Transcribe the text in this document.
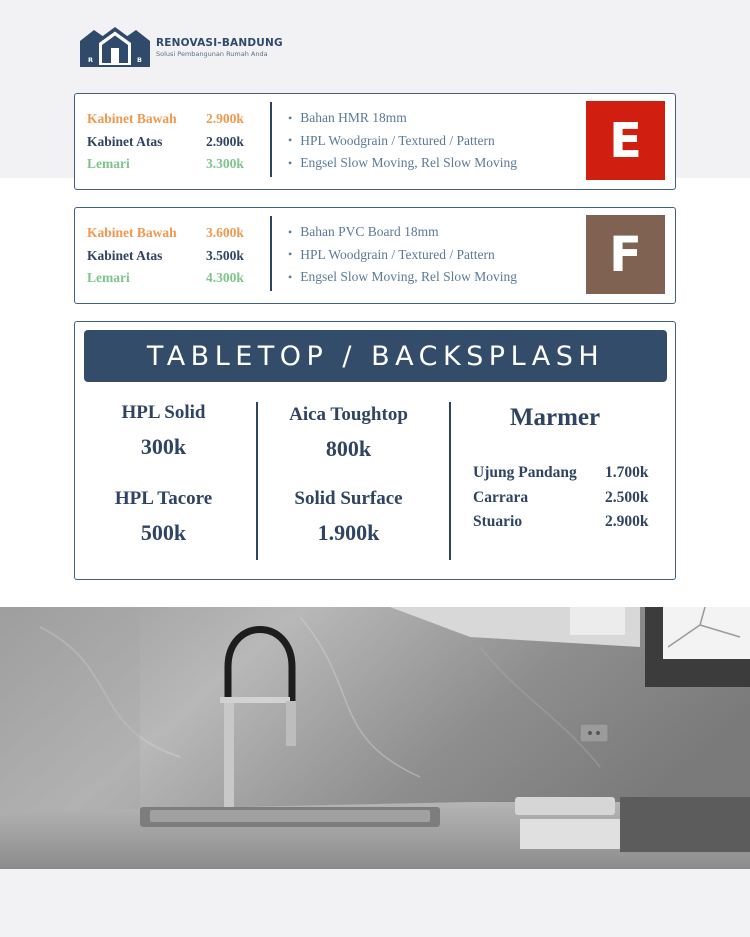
R	B
RENOVASI-BANDUNG
Solusi Pembangunan Rumah Anda
Kabinet Bawah	2.900k
Kabinet Atas	2.900k
Lemari	3.300k
• Bahan HMR 18mm
• HPL Woodgrain / Textured / Pattern
• Engsel Slow Moving, Rel Slow Moving	E
Kabinet Bawah	3.600k
Kabinet Atas	3.500k
Lemari	4.300k
• Bahan PVC Board 18mm
• HPL Woodgrain / Textured / Pattern
• Engsel Slow Moving, Rel Slow Moving	F
TABLETOP / BACKSPLASH
HPL Solid
300k
Aica Toughtop
800k
HPL Tacore
500k
Solid Surface
1.900k
Marmer
Ujung Pandang	1.700k
Carrara	2.500k
Stuario	2.900k
